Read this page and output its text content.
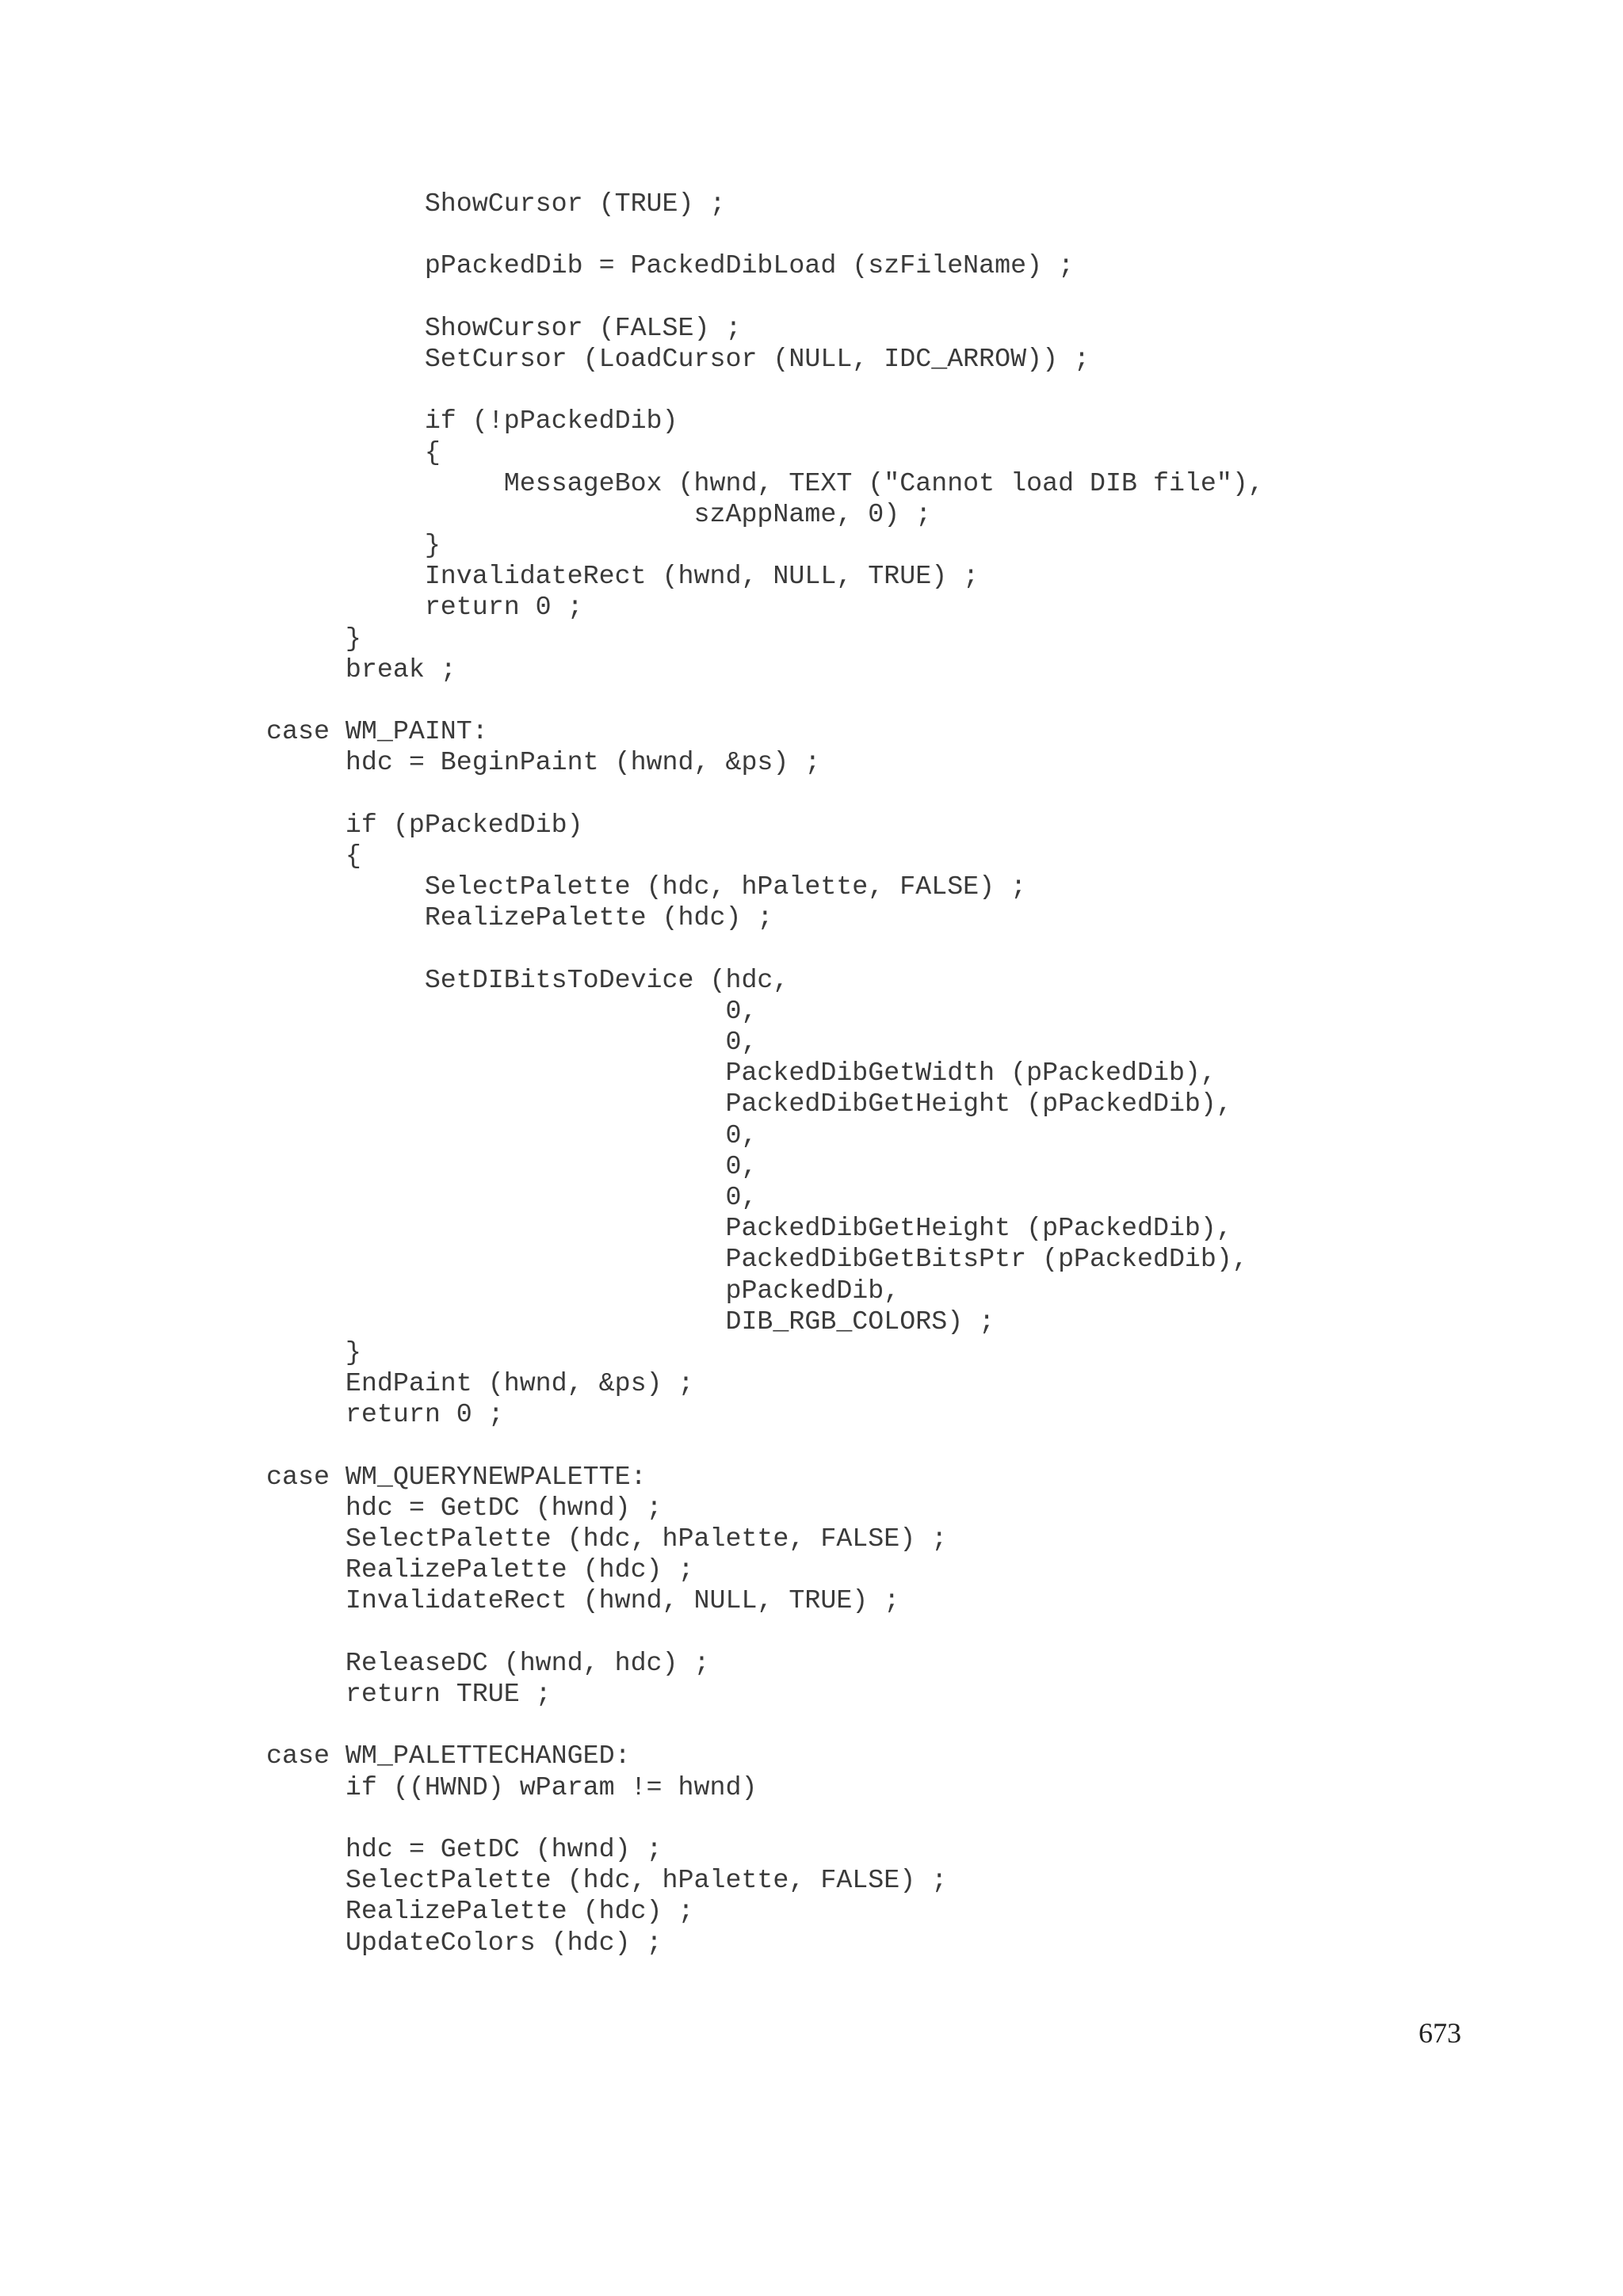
ShowCursor (TRUE) ;
pPackedDib = PackedDibLoad (szFileName) ;
ShowCursor (FALSE) ;
SetCursor (LoadCursor (NULL, IDC_ARROW)) ;
if (!pPackedDib)
{
MessageBox (hwnd, TEXT ("Cannot load DIB file"),
szAppName, 0) ;
}
InvalidateRect (hwnd, NULL, TRUE) ;
return 0 ;
}
break ;
case WM_PAINT:
hdc = BeginPaint (hwnd, &ps) ;
if (pPackedDib)
{
SelectPalette (hdc, hPalette, FALSE) ;
RealizePalette (hdc) ;
SetDIBitsToDevice (hdc,
0,
0,
PackedDibGetWidth (pPackedDib),
PackedDibGetHeight (pPackedDib),
0,
0,
0,
PackedDibGetHeight (pPackedDib),
PackedDibGetBitsPtr (pPackedDib),
pPackedDib,
DIB_RGB_COLORS) ;
}
EndPaint (hwnd, &ps) ;
return 0 ;
case WM_QUERYNEWPALETTE:
hdc = GetDC (hwnd) ;
SelectPalette (hdc, hPalette, FALSE) ;
RealizePalette (hdc) ;
InvalidateRect (hwnd, NULL, TRUE) ;
ReleaseDC (hwnd, hdc) ;
return TRUE ;
case WM_PALETTECHANGED:
if ((HWND) wParam != hwnd)
hdc = GetDC (hwnd) ;
SelectPalette (hdc, hPalette, FALSE) ;
RealizePalette (hdc) ;
UpdateColors (hdc) ;
673
